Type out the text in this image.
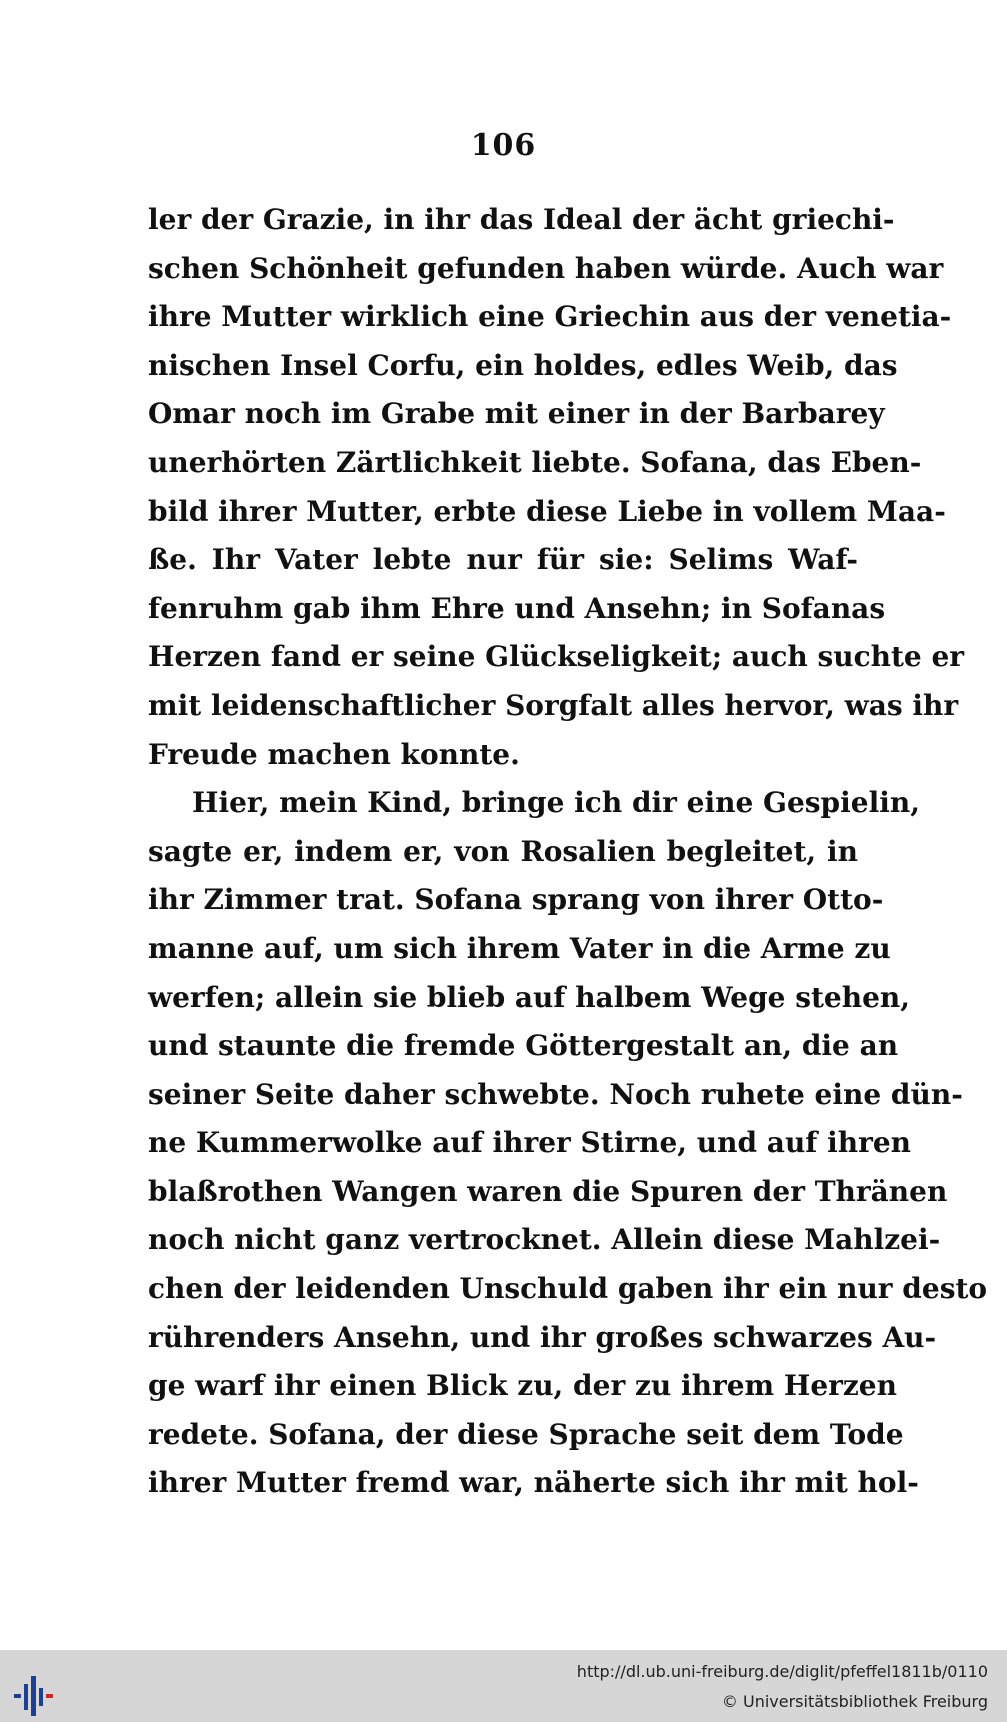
106
ler der Grazie, in ihr das Ideal der ächt griechi-
schen Schönheit gefunden haben würde. Auch war
ihre Mutter wirklich eine Griechin aus der venetia-
nischen Insel Corfu, ein holdes, edles Weib, das
Omar noch im Grabe mit einer in der Barbarey
unerhörten Zärtlichkeit liebte. Sofana, das Eben-
bild ihrer Mutter, erbte diese Liebe in vollem Maa-
ße. Ihr Vater lebte nur für sie: Selims Waf-
fenruhm gab ihm Ehre und Ansehn; in Sofanas
Herzen fand er seine Glückseligkeit; auch suchte er
mit leidenschaftlicher Sorgfalt alles hervor, was ihr
Freude machen konnte.
Hier, mein Kind, bringe ich dir eine Gespielin,
sagte er, indem er, von Rosalien begleitet, in
ihr Zimmer trat. Sofana sprang von ihrer Otto-
manne auf, um sich ihrem Vater in die Arme zu
werfen; allein sie blieb auf halbem Wege stehen,
und staunte die fremde Göttergestalt an, die an
seiner Seite daher schwebte. Noch ruhete eine dün-
ne Kummerwolke auf ihrer Stirne, und auf ihren
blaßrothen Wangen waren die Spuren der Thränen
noch nicht ganz vertrocknet. Allein diese Mahlzei-
chen der leidenden Unschuld gaben ihr ein nur desto
rührenders Ansehn, und ihr großes schwarzes Au-
ge warf ihr einen Blick zu, der zu ihrem Herzen
redete. Sofana, der diese Sprache seit dem Tode
ihrer Mutter fremd war, näherte sich ihr mit hol-
http://dl.ub.uni-freiburg.de/diglit/pfeffel1811b/0110
© Universitätsbibliothek Freiburg
